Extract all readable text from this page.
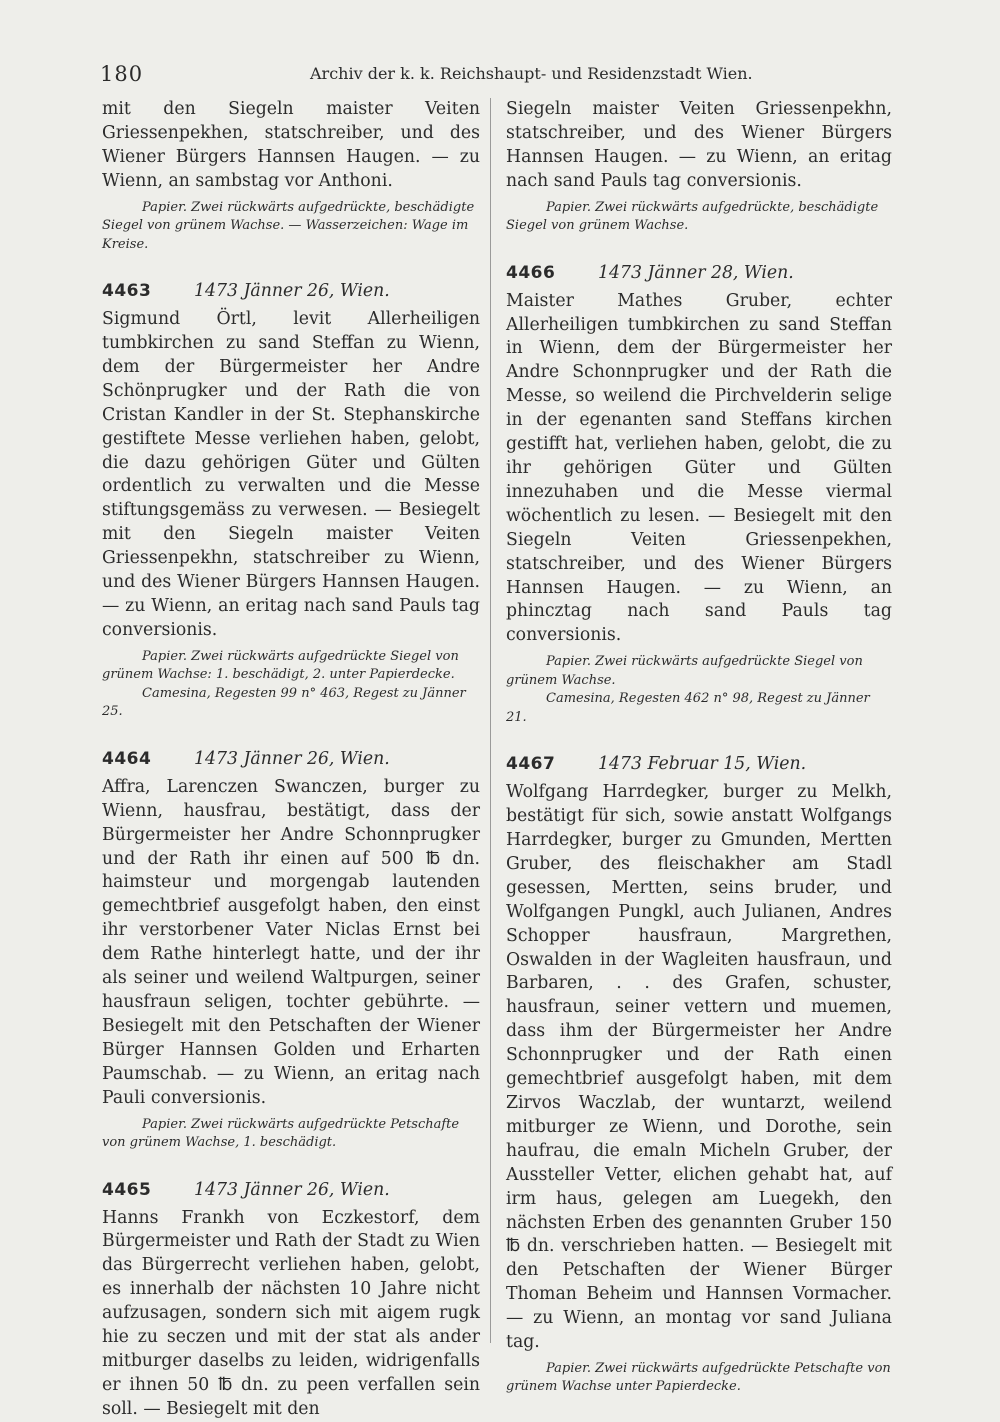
180	Archiv der k. k. Reichshaupt- und Residenzstadt Wien.

mit den Siegeln maister Veiten Griessenpekhen, statschreiber, und des Wiener Bürgers Hannsen Haugen. — zu Wienn, an sambstag vor Anthoni.

Papier. Zwei rückwärts aufgedrückte, beschädigte Siegel von grünem Wachse. — Wasserzeichen: Wage im Kreise.

4463 1473 Jänner 26, Wien.

Sigmund Örtl, levit Allerheiligen tumbkirchen zu sand Steffan zu Wienn, dem der Bürgermeister her Andre Schönprugker und der Rath die von Cristan Kandler in der St. Stephanskirche gestiftete Messe verliehen haben, gelobt, die dazu gehörigen Güter und Gülten ordentlich zu verwalten und die Messe stiftungsgemäss zu verwesen. — Besiegelt mit den Siegeln maister Veiten Griessenpekhn, statschreiber zu Wienn, und des Wiener Bürgers Hannsen Haugen. — zu Wienn, an eritag nach sand Pauls tag conversionis.

Papier. Zwei rückwärts aufgedrückte Siegel von grünem Wachse: 1. beschädigt, 2. unter Papierdecke.

Camesina, Regesten 99 n° 463, Regest zu Jänner 25.

4464 1473 Jänner 26, Wien.

Affra, Larenczen Swanczen, burger zu Wienn, hausfrau, bestätigt, dass der Bürgermeister her Andre Schonnprugker und der Rath ihr einen auf 500 ℔ dn. haimsteur und morgengab lautenden gemechtbrief ausgefolgt haben, den einst ihr verstorbener Vater Niclas Ernst bei dem Rathe hinterlegt hatte, und der ihr als seiner und weilend Waltpurgen, seiner hausfraun seligen, tochter gebührte. — Besiegelt mit den Petschaften der Wiener Bürger Hannsen Golden und Erharten Paumschab. — zu Wienn, an eritag nach Pauli conversionis.

Papier. Zwei rückwärts aufgedrückte Petschafte von grünem Wachse, 1. beschädigt.

4465 1473 Jänner 26, Wien.

Hanns Frankh von Eczkestorf, dem Bürgermeister und Rath der Stadt zu Wien das Bürgerrecht verliehen haben, gelobt, es innerhalb der nächsten 10 Jahre nicht aufzusagen, sondern sich mit aigem rugk hie zu seczen und mit der stat als ander mitburger daselbs zu leiden, widrigenfalls er ihnen 50 ℔ dn. zu peen verfallen sein soll. — Besiegelt mit den

Siegeln maister Veiten Griessenpekhn, statschreiber, und des Wiener Bürgers Hannsen Haugen. — zu Wienn, an eritag nach sand Pauls tag conversionis.

Papier. Zwei rückwärts aufgedrückte, beschädigte Siegel von grünem Wachse.

4466 1473 Jänner 28, Wien.

Maister Mathes Gruber, echter Allerheiligen tumbkirchen zu sand Steffan in Wienn, dem der Bürgermeister her Andre Schonnprugker und der Rath die Messe, so weilend die Pirchvelderin selige in der egenanten sand Steffans kirchen gestifft hat, verliehen haben, gelobt, die zu ihr gehörigen Güter und Gülten innezuhaben und die Messe viermal wöchentlich zu lesen. — Besiegelt mit den Siegeln Veiten Griessenpekhen, statschreiber, und des Wiener Bürgers Hannsen Haugen. — zu Wienn, an phincztag nach sand Pauls tag conversionis.

Papier. Zwei rückwärts aufgedrückte Siegel von grünem Wachse.

Camesina, Regesten 462 n° 98, Regest zu Jänner 21.

4467 1473 Februar 15, Wien.

Wolfgang Harrdegker, burger zu Melkh, bestätigt für sich, sowie anstatt Wolfgangs Harrdegker, burger zu Gmunden, Mertten Gruber, des fleischakher am Stadl gesessen, Mertten, seins bruder, und Wolfgangen Pungkl, auch Julianen, Andres Schopper hausfraun, Margrethen, Oswalden in der Wagleiten hausfraun, und Barbaren, . . des Grafen, schuster, hausfraun, seiner vettern und muemen, dass ihm der Bürgermeister her Andre Schonnprugker und der Rath einen gemechtbrief ausgefolgt haben, mit dem Zirvos Waczlab, der wuntarzt, weilend mitburger ze Wienn, und Dorothe, sein haufrau, die emaln Micheln Gruber, der Aussteller Vetter, elichen gehabt hat, auf irm haus, gelegen am Luegekh, den nächsten Erben des genannten Gruber 150 ℔ dn. verschrieben hatten. — Besiegelt mit den Petschaften der Wiener Bürger Thoman Beheim und Hannsen Vormacher. — zu Wienn, an montag vor sand Juliana tag.

Papier. Zwei rückwärts aufgedrückte Petschafte von grünem Wachse unter Papierdecke.
